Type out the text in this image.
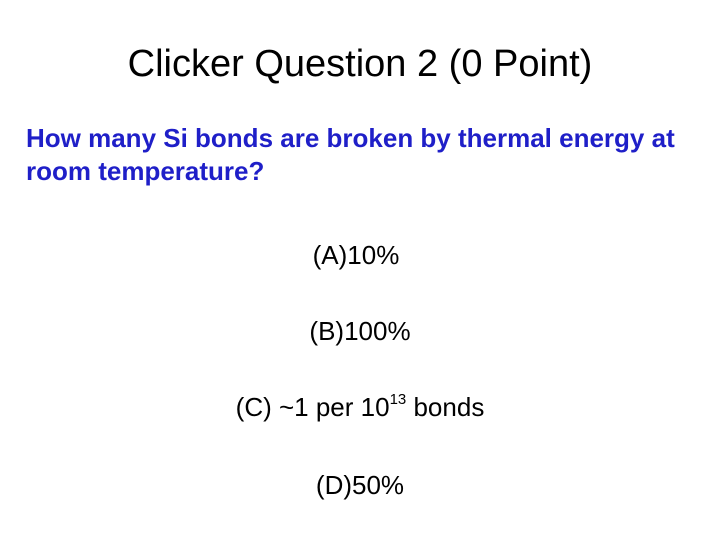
Clicker Question 2 (0 Point)
How many Si bonds are broken by thermal energy at room temperature?
(A)10%
(B)100%
(C) ~1 per $10^{13}$ bonds
(D)50%
